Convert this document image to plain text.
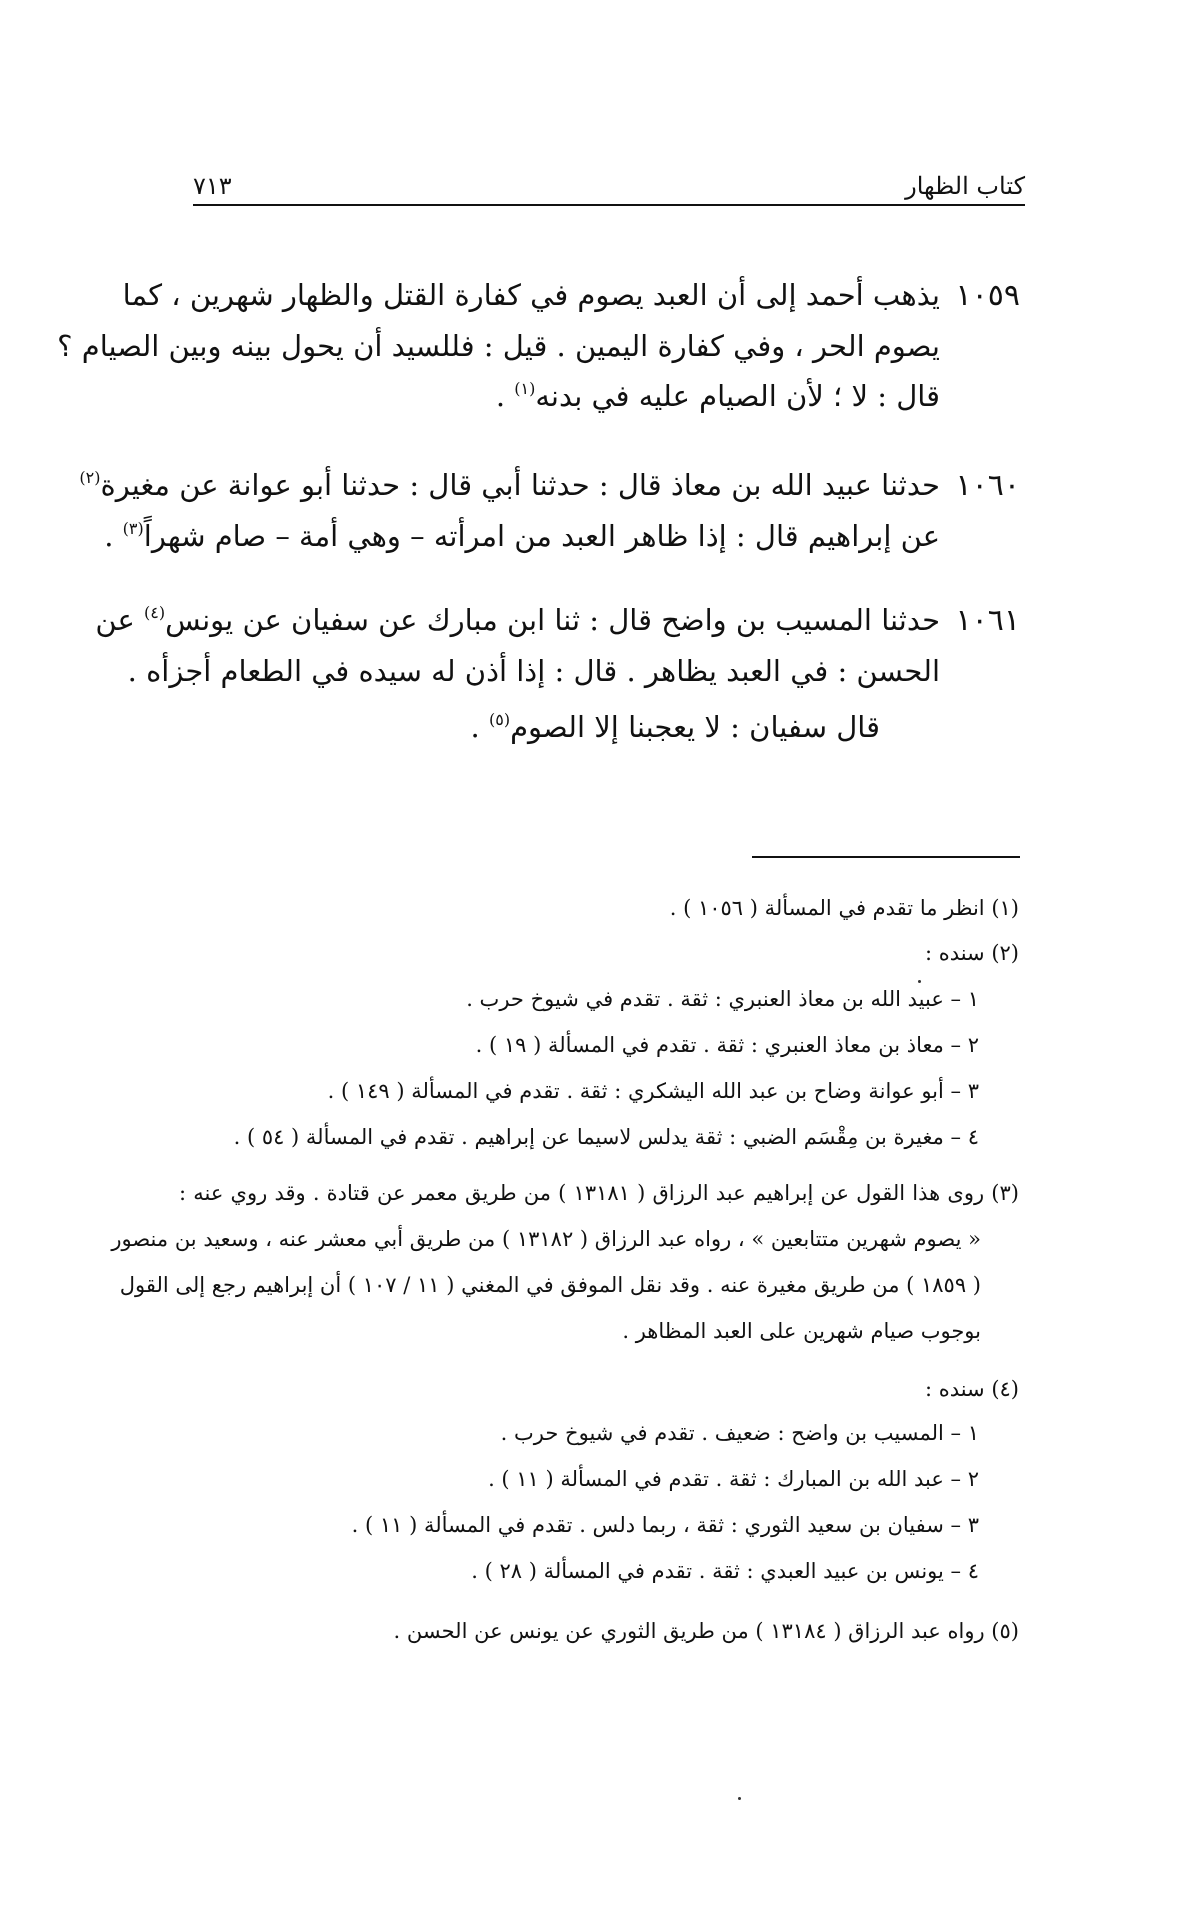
كتاب الظهار
٧١٣
١٠٥٩
يذهب أحمد إلى أن العبد يصوم في كفارة القتل والظهار شهرين ، كما
يصوم الحر ، وفي كفارة اليمين . قيل : فللسيد أن يحول بينه وبين الصيام ؟
قال : لا ؛ لأن الصيام عليه في بدنه$^{(١)}$ .
١٠٦٠
حدثنا عبيد الله بن معاذ قال : حدثنا أبي قال : حدثنا أبو عوانة عن مغيرة$^{(٢)}$
عن إبراهيم قال : إذا ظاهر العبد من امرأته – وهي أمة – صام شهراً$^{(٣)}$ .
١٠٦١
حدثنا المسيب بن واضح قال : ثنا ابن مبارك عن سفيان عن يونس$^{(٤)}$ عن
الحسن : في العبد يظاهر . قال : إذا أذن له سيده في الطعام أجزأه .
قال سفيان : لا يعجبنا إلا الصوم$^{(٥)}$ .
(١) انظر ما تقدم في المسألة ( ١٠٥٦ ) .
(٢) سنده :
١ – عبيد الله بن معاذ العنبري : ثقة . تقدم في شيوخ حرب .
٢ – معاذ بن معاذ العنبري : ثقة . تقدم في المسألة ( ١٩ ) .
٣ – أبو عوانة وضاح بن عبد الله اليشكري : ثقة . تقدم في المسألة ( ١٤٩ ) .
٤ – مغيرة بن مِقْسَم الضبي : ثقة يدلس لاسيما عن إبراهيم . تقدم في المسألة ( ٥٤ ) .
(٣) روى هذا القول عن إبراهيم عبد الرزاق ( ١٣١٨١ ) من طريق معمر عن قتادة . وقد روي عنه :
« يصوم شهرين متتابعين » ، رواه عبد الرزاق ( ١٣١٨٢ ) من طريق أبي معشر عنه ، وسعيد بن منصور
( ١٨٥٩ ) من طريق مغيرة عنه . وقد نقل الموفق في المغني ( ١١ / ١٠٧ ) أن إبراهيم رجع إلى القول
بوجوب صيام شهرين على العبد المظاهر .
(٤) سنده :
١ – المسيب بن واضح : ضعيف . تقدم في شيوخ حرب .
٢ – عبد الله بن المبارك : ثقة . تقدم في المسألة ( ١١ ) .
٣ – سفيان بن سعيد الثوري : ثقة ، ربما دلس . تقدم في المسألة ( ١١ ) .
٤ – يونس بن عبيد العبدي : ثقة . تقدم في المسألة ( ٢٨ ) .
(٥) رواه عبد الرزاق ( ١٣١٨٤ ) من طريق الثوري عن يونس عن الحسن .
